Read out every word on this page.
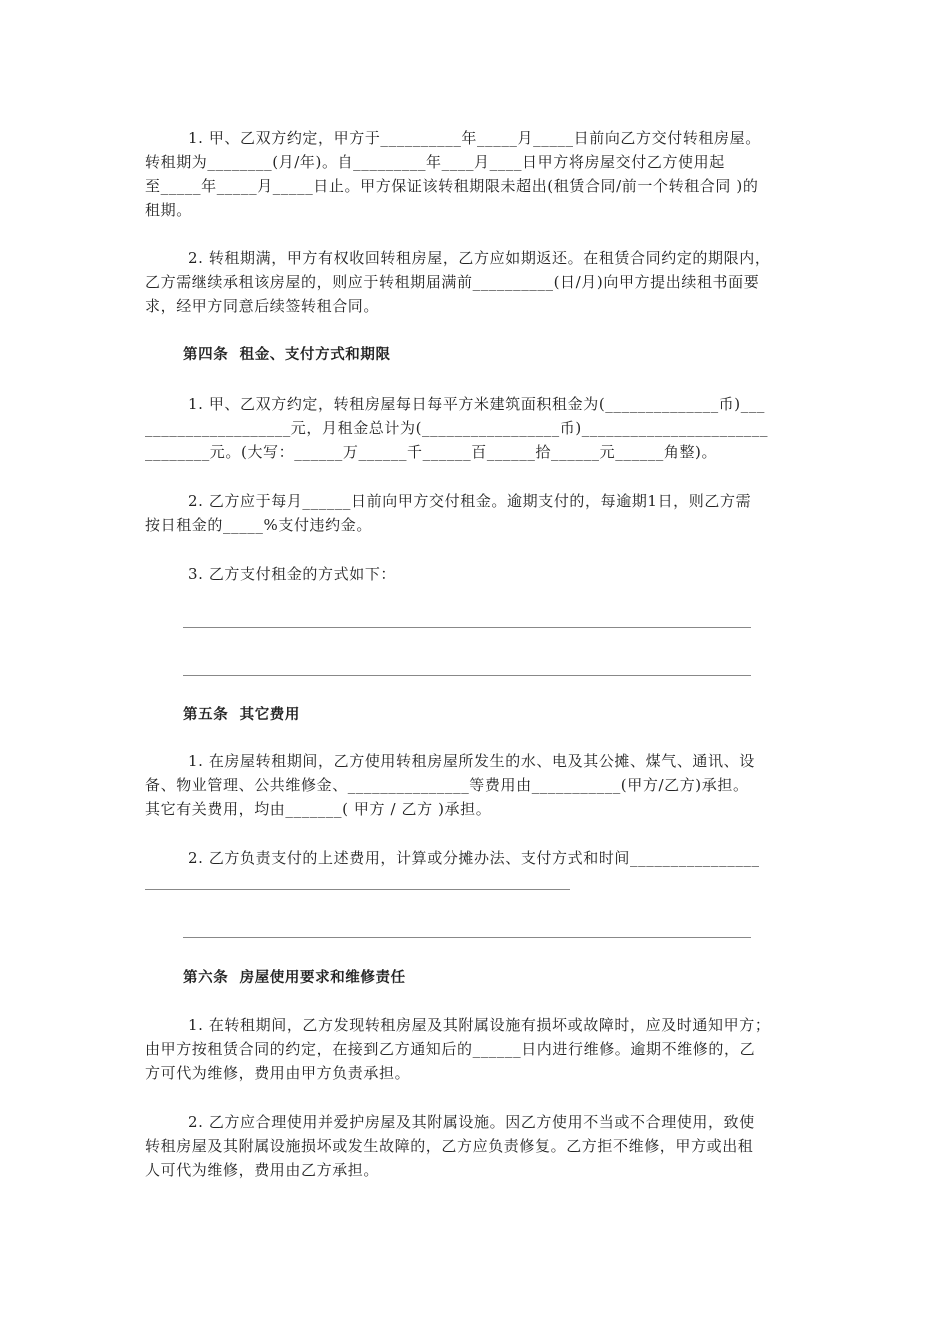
1. 甲、乙双方约定，甲方于__________年_____月_____日前向乙方交付转租房屋。
转租期为________(月/年)。自_________年____月____日甲方将房屋交付乙方使用起
至_____年_____月_____日止。甲方保证该转租期限未超出(租赁合同/前一个转租合同 )的
租期。
2. 转租期满，甲方有权收回转租房屋，乙方应如期返还。在租赁合同约定的期限内，
乙方需继续承租该房屋的，则应于转租期届满前__________(日/月)向甲方提出续租书面要
求，经甲方同意后续签转租合同。
第四条  租金、支付方式和期限
1. 甲、乙双方约定，转租房屋每日每平方米建筑面积租金为(______________币)___
__________________元，月租金总计为(_________________币)_______________________
________元。(大写：______万______千______百______拾______元______角整)。
2. 乙方应于每月______日前向甲方交付租金。逾期支付的，每逾期1日，则乙方需
按日租金的_____%支付违约金。
3. 乙方支付租金的方式如下：
第五条  其它费用
1. 在房屋转租期间，乙方使用转租房屋所发生的水、电及其公摊、煤气、通讯、设
备、物业管理、公共维修金、_______________等费用由___________(甲方/乙方)承担。
其它有关费用，均由_______( 甲方 / 乙方 )承担。
2. 乙方负责支付的上述费用，计算或分摊办法、支付方式和时间________________
第六条  房屋使用要求和维修责任
1. 在转租期间，乙方发现转租房屋及其附属设施有损坏或故障时，应及时通知甲方；
由甲方按租赁合同的约定，在接到乙方通知后的______日内进行维修。逾期不维修的，乙
方可代为维修，费用由甲方负责承担。
2. 乙方应合理使用并爱护房屋及其附属设施。因乙方使用不当或不合理使用，致使
转租房屋及其附属设施损坏或发生故障的，乙方应负责修复。乙方拒不维修，甲方或出租
人可代为维修，费用由乙方承担。
